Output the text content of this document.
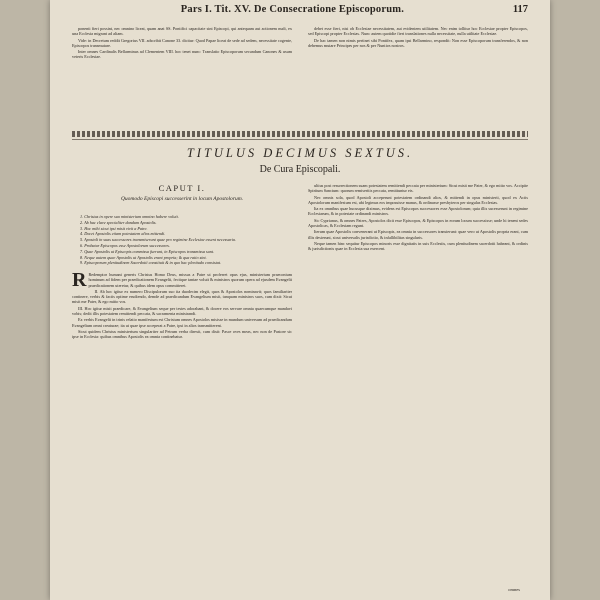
Pars I. Tit. XV. De Consecratione Episcoporum.	117

ponenti fieri possint, nec omnino liceat, quam anat SS. Pontifici capacitate sint Episcopi, qui antequam aut actionem nudi, ex una Ecclesia migrant ad aliam.

Vide: in Decretum reddit Gregorius VII. adscribit Canone 33. dicitur: Quod Papae liceat de sede ad sedem, necessitate cogente, Episcopos transmutare.

Inter omnes Cardinalis Bellarminus ad Clementem VIII. hoc tenet nunc: Translatio Episcoporum secundum Canones & usum veteris Ecclesiae.

debet esse fieri, nisi ob Ecclesiae necessitatem, aut evidentem utilitatem. Nec enim tollitur hoc Ecclesiae propter Episcopos, sed Episcopi propter Ecclesias. Nunc autem quotidie fieri translationes nulla necessitate, nulla utilitate Ecclesiae.

De hac tamen non nimis pertinet sibi Pontifex, quam ipsi Bellarmino, respondit: Non esse Episcoporum transferendos, & non debemus mutare Principes per nos & per Nuntios nostros.

TITULUS DECIMUS SEXTUS.
De Cura Episcopali.
CAPUT I.
Quomodo Episcopi successerint in locum Apostolorum.
1. Christus in opere suo ministerium omnino habere voluit.
2. Ab hac clave specialiter dandum Apostolis.
3. Hoc mihi sicut ipsi misit vivit a Patre.
4. Docet Apostolis etiam potestatem alios mittendi.
5. Apostoli in suas successores transmiserunt quae pro regimine Ecclesiae essent necessaria.
6. Probatur Episcopos esse Apostolorum successores.
7. Quae Apostolis ut Episcopis commissa fuerunt, in Episcopos transmissa sunt.
8. Neque autem quae Apostolis ut Apostolis erant propria; & qua ratio sint.
9. Episcoporum plenitudinem Sacerdotii constituit & in quo hac plenitudo consistat.

R Redemptor humani generis Christus Homo Deus, missus a Patre ut proferret opus ejus, ministerium praeconium hominum ad fidem per praedicationem Evangelii, fecitque tantae voluit & ministros quorum opera ad ejusdem Evangelii praedicationem uteretur, & quibus idem opus committeret.

II. Ab hoc igitur ex numero Discipulorum suo ita duodecim elegit, quos & Apostolos nominavit; quos familiariter continere, verbis & factis optime erudiendo, demde ad praedicandum Evangelium misit, tanquam ministros suos, cum dixit: Sicut misit me Pater, & ego mitto vos.

III. Hoc igitur misit praedicare, & Evangelium seque per testes adorabant, & docere eos servare omnia quaecumque mandavi vobis; dedit illis potestatem remittendi peccata, & sacramenta ministrandi.

Ex verbis Evangelii in trinis relatio manifestum est Christum omnes Apostolos misisse in mundum universum ad praedicandum Evangelium omni creaturae; ita ut quae ipse acceperat a Patre, ipsi in alios transmitterent.

Sicut quidem Christus ministerium singulariter ad Petrum verba direxit, cum dixit: Pasce oves meas, nec non de Pastore sic ipse in Ecclesia: quibus omnibus Apostolis ea omnia continebatur.

ultius post resurrectionem suam potestatem remittendi peccata per ministerium: Sicut misit me Pater, & ego mitto vos. Accipite Spiritum Sanctum: quorum remiseritis peccata, remittuntur eis.

Nec omnis sola, quod Apostoli acceperunt potestatem ordinandi alios, & mittendi in opus ministerii, quod ex Actis Apostolorum manifestum est, ubi legimus eos imposuisse manus, & ordinasse presbyteros per singulas Ecclesias.

Ita ex omnibus quae hucusque diximus, evidens est Episcopos successores esse Apostolorum; quia illis sucesserunt in regimine Ecclesiarum, & in potestate ordinandi ministros.

Sic Cyprianus, & omnes Patres, Apostolos dicit esse Episcopos, & Episcopos in eorum locum successisse; unde hi tenent sedes Apostolicas, & Ecclesiam regunt.

Iterum quae Apostolis convenerant ut Episcopis, ea omnia in successores transierunt: quae vero ut Apostolis propria erant, cum illis desierunt, sicut universalis jurisdictio, & infallibilitas singularis.

Neque tamen hinc sequitur Episcopos minoris esse dignitatis in suis Ecclesiis, cum plenitudinem sacerdotii habeant, & ordinis & jurisdictionis quae in Ecclesia sua exercent.

omnes
